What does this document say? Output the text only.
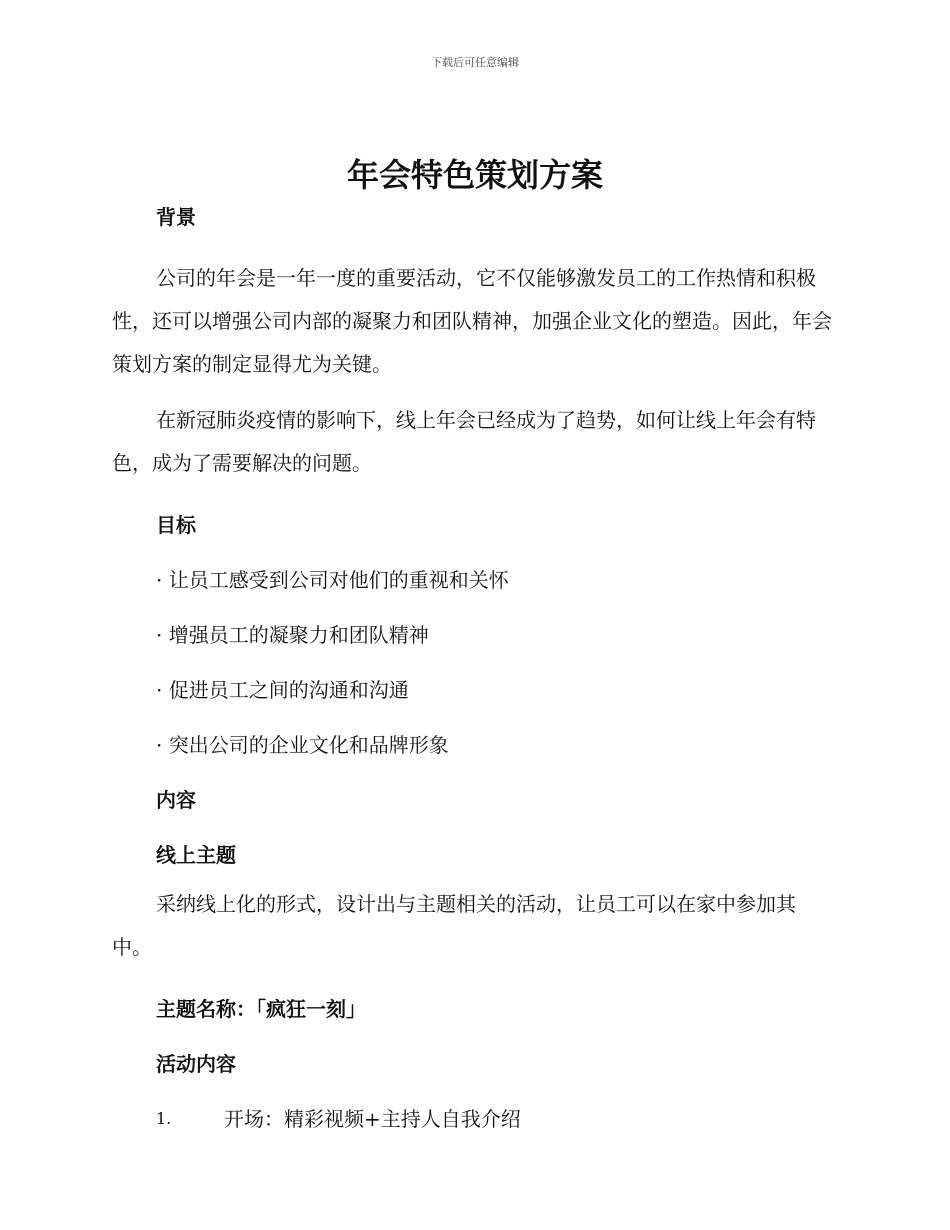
下载后可任意编辑
年会特色策划方案

背景

公司的年会是一年一度的重要活动，它不仅能够激发员工的工作热情和积极性，还可以增强公司内部的凝聚力和团队精神，加强企业文化的塑造。因此，年会策划方案的制定显得尤为关键。

在新冠肺炎疫情的影响下，线上年会已经成为了趋势，如何让线上年会有特色，成为了需要解决的问题。

目标

· 让员工感受到公司对他们的重视和关怀

· 增强员工的凝聚力和团队精神

· 促进员工之间的沟通和沟通

· 突出公司的企业文化和品牌形象

内容

线上主题

采纳线上化的形式，设计出与主题相关的活动，让员工可以在家中参加其中。

主题名称：「疯狂一刻」

活动内容

1.	开场：精彩视频+主持人自我介绍
